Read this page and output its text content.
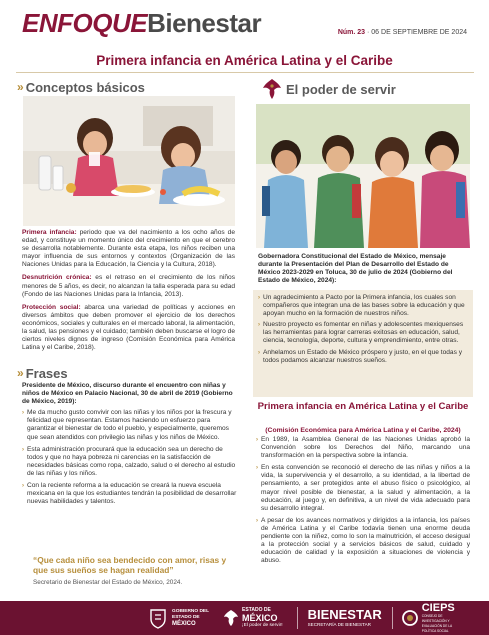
ENFOQUE Bienestar	Núm. 23 · 06 DE SEPTIEMBRE DE 2024
Primera infancia en América Latina y el Caribe
» Conceptos básicos

Primera infancia: periodo que va del nacimiento a los ocho años de edad, y constituye un momento único del crecimiento en que el cerebro se desarrolla notablemente. Durante esta etapa, los niños reciben una mayor influencia de sus entornos y contextos (Organización de las Naciones Unidas para la Educación, la Ciencia y la Cultura, 2018).

Desnutrición crónica: es el retraso en el crecimiento de los niños menores de 5 años, es decir, no alcanzan la talla esperada para su edad (Fondo de las Naciones Unidas para la Infancia, 2013).

Protección social: abarca una variedad de políticas y acciones en diversos ámbitos que deben promover el ejercicio de los derechos económicos, sociales y culturales en el mercado laboral, la alimentación, la salud, las pensiones y el cuidado; también deben buscarse el logro de ciertos niveles dignos de ingreso (Comisión Económica para América Latina y el Caribe, 2018).

» Frases
Presidente de México, discurso durante el encuentro con niñas y niños de México en Palacio Nacional, 30 de abril de 2019 (Gobierno de México, 2019):
› Me da mucho gusto convivir con las niñas y los niños por la frescura y felicidad que representan. Estamos haciendo un esfuerzo para garantizar el bienestar de todo el pueblo, y especialmente, queremos que sean atendidos con privilegio las niñas y los niños de México.
› Esta administración procurará que la educación sea un derecho de todos y que no haya pobreza ni carencias en la satisfacción de necesidades básicas como ropa, calzado, salud o el derecho al estudio de las niñas y los niños.
› Con la reciente reforma a la educación se creará la nueva escuela mexicana en la que los estudiantes tendrán la posibilidad de desarrollar nuevas habilidades y talentos.
“Que cada niño sea bendecido con amor, risas y que sus sueños se hagan realidad”
Secretario de Bienestar del Estado de México, 2024.
El poder de servir
Gobernadora Constitucional del Estado de México, mensaje durante la Presentación del Plan de Desarrollo del Estado de México 2023-2029 en Toluca, 30 de julio de 2024 (Gobierno del Estado de México, 2024):
› Un agradecimiento a Pacto por la Primera infancia, los cuales son compañeros que integran una de las bases sobre la educación y que apoyan mucho en la formación de nuestros niños.
› Nuestro proyecto es fomentar en niñas y adolescentes mexiquenses las herramientas para lograr carreras exitosas en educación, salud, ciencia, tecnología, deporte, cultura y emprendimiento, entre otras.
› Anhelamos un Estado de México próspero y justo, en el que todas y todos podamos alcanzar nuestros sueños.
Primera infancia en América Latina y el Caribe
(Comisión Económica para América Latina y el Caribe, 2024)
› En 1989, la Asamblea General de las Naciones Unidas aprobó la Convención sobre los Derechos del Niño, marcando una transformación en la perspectiva sobre la infancia.
› En esta convención se reconoció el derecho de las niñas y niños a la vida, la supervivencia y el desarrollo, a su identidad, a la libertad de pensamiento, a ser protegidos ante el abuso físico o psicológico, al mayor nivel posible de bienestar, a la salud y alimentación, a la educación, al juego y, en definitiva, a un nivel de vida adecuado para su desarrollo integral.
› A pesar de los avances normativos y dirigidos a la infancia, los países de América Latina y el Caribe todavía tienen una enorme deuda pendiente con la niñez, como lo son la malnutrición, el acceso desigual a la protección social y a servicios básicos de salud, cuidado y educación de calidad y la exposición a situaciones de violencia y abuso.
GOBIERNO DEL
ESTADO DE
MÉXICO
ESTADO DE
MÉXICO
¡El poder de servir!
BIENESTAR
SECRETARÍA DE BIENESTAR
CIEPS
CONSEJO DE INVESTIGACIÓN Y EVALUACIÓN DE LA POLÍTICA SOCIAL
